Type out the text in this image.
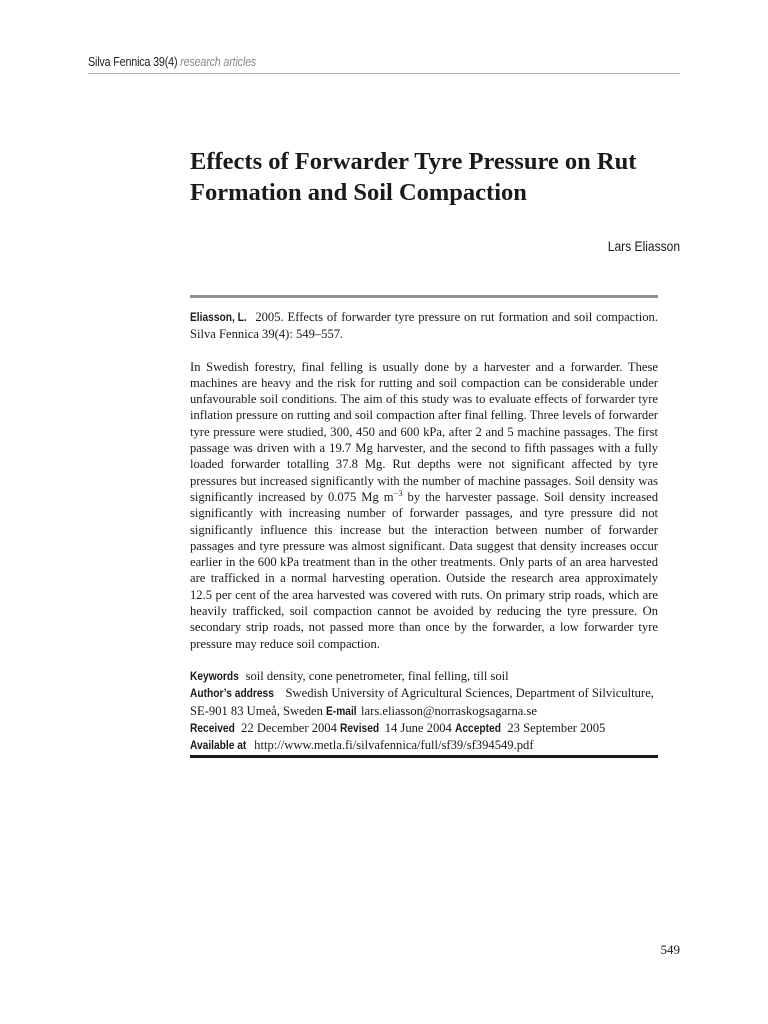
Silva Fennica 39(4) research articles
Effects of Forwarder Tyre Pressure on Rut Formation and Soil Compaction
Lars Eliasson

Eliasson, L. 2005. Effects of forwarder tyre pressure on rut formation and soil compaction. Silva Fennica 39(4): 549–557.

In Swedish forestry, final felling is usually done by a harvester and a forwarder. These machines are heavy and the risk for rutting and soil compaction can be considerable under unfavourable soil conditions. The aim of this study was to evaluate effects of forwarder tyre inflation pressure on rutting and soil compaction after final felling. Three levels of forwarder tyre pressure were studied, 300, 450 and 600 kPa, after 2 and 5 machine passages. The first passage was driven with a 19.7 Mg harvester, and the second to fifth passages with a fully loaded forwarder totalling 37.8 Mg. Rut depths were not significant affected by tyre pressures but increased significantly with the number of machine passages. Soil density was significantly increased by 0.075 Mg $m^{-3}$ by the harvester passage. Soil density increased significantly with increasing number of forwarder passages, and tyre pressure did not significantly influence this increase but the interaction between number of forwarder passages and tyre pressure was almost significant. Data suggest that density increases occur earlier in the 600 kPa treatment than in the other treatments. Only parts of an area harvested are trafficked in a normal harvesting operation. Outside the research area approximately 12.5 per cent of the area harvested was covered with ruts. On primary strip roads, which are heavily trafficked, soil compaction cannot be avoided by reducing the tyre pressure. On secondary strip roads, not passed more than once by the forwarder, a low forwarder tyre pressure may reduce soil compaction.

Keywords soil density, cone penetrometer, final felling, till soil

Author’s address Swedish University of Agricultural Sciences, Department of Silviculture, SE-901 83 Umeå, Sweden E-mail lars.eliasson@norraskogsagarna.se

Received 22 December 2004 Revised 14 June 2004 Accepted 23 September 2005

Available at http://www.metla.fi/silvafennica/full/sf39/sf394549.pdf

549
